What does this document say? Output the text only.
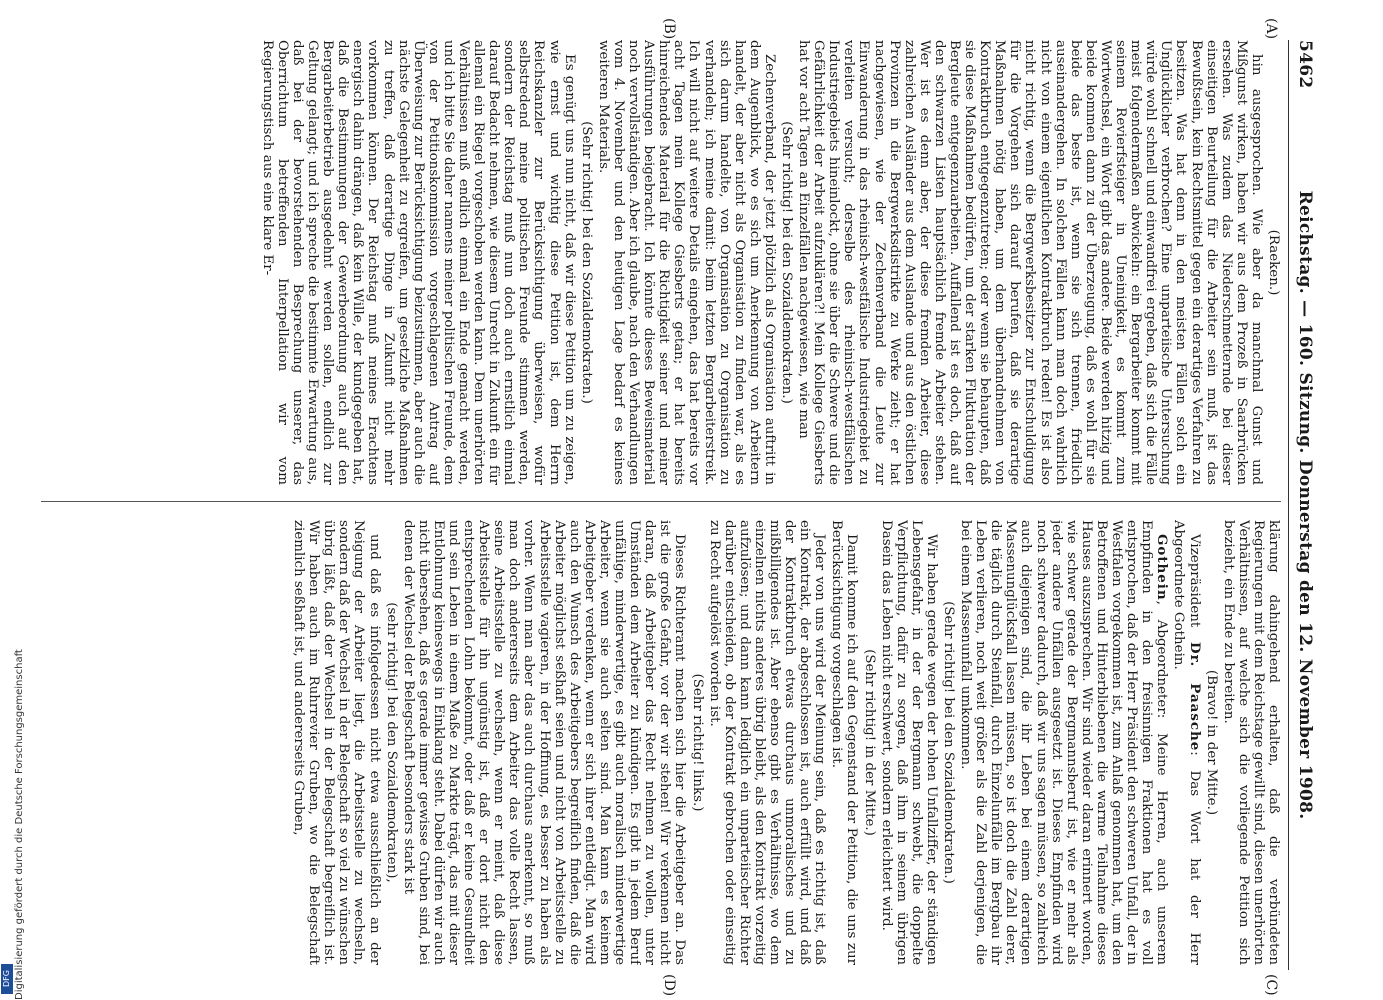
5462
Reichstag. — 160. Sitzung. Donnerstag den 12. November 1908.
(A)
(B)
(C)
(D)

(Raeken.)

hin ausgesprochen. Wie aber da manchmal Gunst und Mißgunst wirken, haben wir aus dem Prozeß in Saarbrücken ersehen. Was zudem das Niederschmetternde bei dieser einseitigen Beurteilung für die Arbeiter sein muß, ist das Bewußtsein, kein Rechtsmittel gegen ein derartiges Verfahren zu besitzen. Was hat denn in den meisten Fällen solch ein Unglücklicher verbrochen? Eine unparteiische Untersuchung würde wohl schnell und einwandfrei ergeben, daß sich die Fälle meist folgendermaßen abwickeln: ein Bergarbeiter kommt mit seinem Revierfsteiger in Uneinigkeit, es kommt zum Wortwechsel, ein Wort gibt das andere. Beide werden hitzig und beide kommen dann zu der Überzeugung, daß es wohl für sie beide das beste ist, wenn sie sich trennen, friedlich auseinandergehen. In solchen Fällen kann man doch wahrlich nicht von einem eigentlichen Kontraktbruch reden! Es ist also nicht richtig, wenn die Bergwerksbesitzer zur Entschuldigung für die Vorgehen sich darauf berufen, daß sie derartige Maßnahmen nötig haben, um dem überhandnehmen von Kontraktbruch entgegenzutreten; oder wenn sie behaupten, daß sie diese Maßnahmen bedürfen, um der starken Fluktuation der Bergleute entgegenzuarbeiten. Auffallend ist es doch, daß auf den schwarzen Listen hauptsächlich fremde Arbeiter stehen. Wer ist es denn aber, der diese fremden Arbeiter, diese zahlreichen Ausländer aus dem Auslande und aus den östlichen Provinzen in die Bergwerksdistrikte zu Werke zieht; er hat nachgewiesen, wie der Zechenverband die Leute zur Einwanderung in das rheinisch-westfälische Industriegebiet zu verleiten versucht; derselbe des rheinisch-westfälischen Industriegebiets hineinlockt, ohne sie über die Schwere und die Gefährlichkeit der Arbeit aufzuklären?! Mein Kollege Giesberts hat vor acht Tagen an Einzelfällen nachgewiesen, wie man

(Sehr richtig! bei den Sozialdemokraten.)

Zechenverband, der jetzt plötzlich als Organisation auftritt in dem Augenblick, wo es sich um Anerkennung von Arbeitern handelt, der aber nicht als Organisation zu finden war, als es sich darum handelte, von Organisation zu Organisation zu verhandeln; ich meine damit: beim letzten Bergarbeiterstreik. Ich will nicht auf weitere Details eingehen, das hat bereits vor acht Tagen mein Kollege Giesberts getan; er hat bereits hinreichendes Material für die Richtigkeit seiner und meiner Ausführungen beigebracht. Ich könnte dieses Beweismaterial noch vervollständigen. Aber ich glaube, nach den Verhandlungen vom 4. November und den heutigen Lage bedarf es keines weiteren Materials.

(Sehr richtig! bei den Sozialdemokraten.)

Es genügt uns nun nicht, daß wir diese Petition um zu zeigen, wie ernst und wichtig diese Petition ist, dem Herrn Reichskanzler zur Berücksichtigung überweisen, wofür selbstredend meine politischen Freunde stimmen werden, sondern der Reichstag muß nun doch auch ernstlich einmal darauf Bedacht nehmen, wie diesem Unrecht in Zukunft ein für allemal ein Riegel vorgeschoben werden kann. Dem unerhörten Verhältnissen muß endlich einmal ein Ende gemacht werden, und ich bitte Sie daher namens meiner politischen Freunde, dem von der Petitionskommission vorgeschlagenen Antrag auf Überweisung zur Berücksichtigung beizustimmen, aber auch die nächste Gelegenheit zu ergreifen, um gesetzliche Maßnahmen zu treffen, daß derartige Dinge in Zukunft nicht mehr vorkommen können. Der Reichstag muß meines Erachtens energisch dahin drängen, daß kein Wille, der kundgegeben hat, daß die Bestimmungen der Gewerbeordnung auch auf den Bergarbeiterbetrieb ausgedehnt werden sollen, endlich zur Geltung gelangt; und ich spreche die bestimmte Erwartung aus, daß bei der bevorstehenden Besprechung unserer, das Oberrichtum betreffenden Interpellation wir vom Regierungstisch aus eine klare Er-

klärung dahingehend erhalten, daß die verbündeten Regierungen mit dem Reichstage gewillt sind, diesen unerhörten Verhältnissen, auf welche sich die vorliegende Petition sich bezieht, ein Ende zu bereiten.

(Bravo! in der Mitte.)

Vizepräsident Dr. Paasche: Das Wort hat der Herr Abgeordnete Gothein.

Gothein, Abgeordneter: Meine Herren, auch unserem Empfinden in den freisinnigen Fraktionen hat es voll entsprochen, daß der Herr Präsident den schweren Unfall, der in Westfalen vorgekommen ist, zum Anlaß genommen hat, um den Betroffenen und Hinterbliebenen die warme Teilnahme dieses Hauses auszusprechen. Wir sind wieder daran erinnert worden, wie schwer gerade der Bergmannsberuf ist, wie er mehr als jeder andere Unfällen ausgesetzt ist. Dieses Empfinden wird noch schwerer dadurch, daß wir uns sagen müssen, so zahlreich auch diejenigen sind, die ihr Leben bei einem derartigen Massenunglücksfall lassen müssen, so ist doch die Zahl derer, die täglich durch Steinfall, durch Einzelunfälle im Bergbau ihr Leben verlieren, noch weit größer als die Zahl derjenigen, die bei einem Massenunfall umkommen.

(Sehr richtig! bei den Sozialdemokraten.)

Wir haben gerade wegen der hohen Unfallziffer, der ständigen Lebensgefahr, in der der Bergmann schwebt, die doppelte Verpflichtung, dafür zu sorgen, daß ihm in seinem übrigen Dasein das Leben nicht erschwert, sondern erleichtert wird.

(Sehr richtig! in der Mitte.)

Damit komme ich auf den Gegenstand der Petition, die uns zur Berücksichtigung vorgeschlagen ist.

Jeder von uns wird der Meinung sein, daß es richtig ist, daß ein Kontrakt, der abgeschlossen ist, auch erfüllt wird, und daß der Kontraktbruch etwas durchaus unmoralisches und zu mißbilligendes ist. Aber ebenso gibt es Verhältnisse, wo dem einzelnen nichts anderes übrig bleibt, als den Kontrakt vorzeitig aufzulösen; und dann kann lediglich ein unparteiischer Richter darüber entscheiden, ob der Kontrakt gebrochen oder einseitig zu Recht aufgelöst worden ist.

(Sehr richtig! links.)

Dieses Richteramt machen sich hier die Arbeitgeber an. Das ist die große Gefahr, vor der wir stehen! Wir verkennen nicht daran, daß Arbeitgeber das Recht nehmen zu wollen, unter Umständen dem Arbeiter zu kündigen. Es gibt in jedem Beruf unfähige, minderwertige, es gibt auch moralisch minderwertige Arbeiter, wenn sie auch selten sind. Man kann es keinem Arbeitgeber verdenken, wenn er sich ihrer entledigt. Man wird auch den Wunsch des Arbeitgebers begreiflich finden, daß die Arbeiter möglichst seßhaft seien und nicht von Arbeitsstelle zu Arbeitsstelle vagieren, in der Hoffnung, es besser zu haben als vorher. Wenn man aber das auch durchaus anerkennt, so muß man doch andererseits dem Arbeiter das volle Recht lassen, seine Arbeitsstelle zu wechseln, wenn er meint, daß diese Arbeitsstelle für ihn ungünstig ist, daß er dort nicht den entsprechenden Lohn bekommt, oder daß er keine Gesundheit und sein Leben in einem Maße zu Markte trägt, das mit dieser Entlohnung keineswegs in Einklang steht. Dabei dürfen wir auch nicht übersehen, daß es gerade immer gewisse Gruben sind, bei denen der Wechsel der Belegschaft besonders stark ist

(sehr richtig! bei den Sozialdemokraten),

und daß es infolgedessen nicht etwa ausschließlich an der Neigung der Arbeiter liegt, die Arbeitsstelle zu wechseln, sondern daß der Wechsel in der Belegschaft so viel zu wünschen übrig läßt, daß der Wechsel in der Belegschaft begreiflich ist. Wir haben auch im Ruhrrevier Gruben, wo die Belegschaft ziemlich seßhaft ist, und andererseits Gruben,

Digitalisierung gefördert durch die Deutsche Forschungsgemeinschaft
DFG
